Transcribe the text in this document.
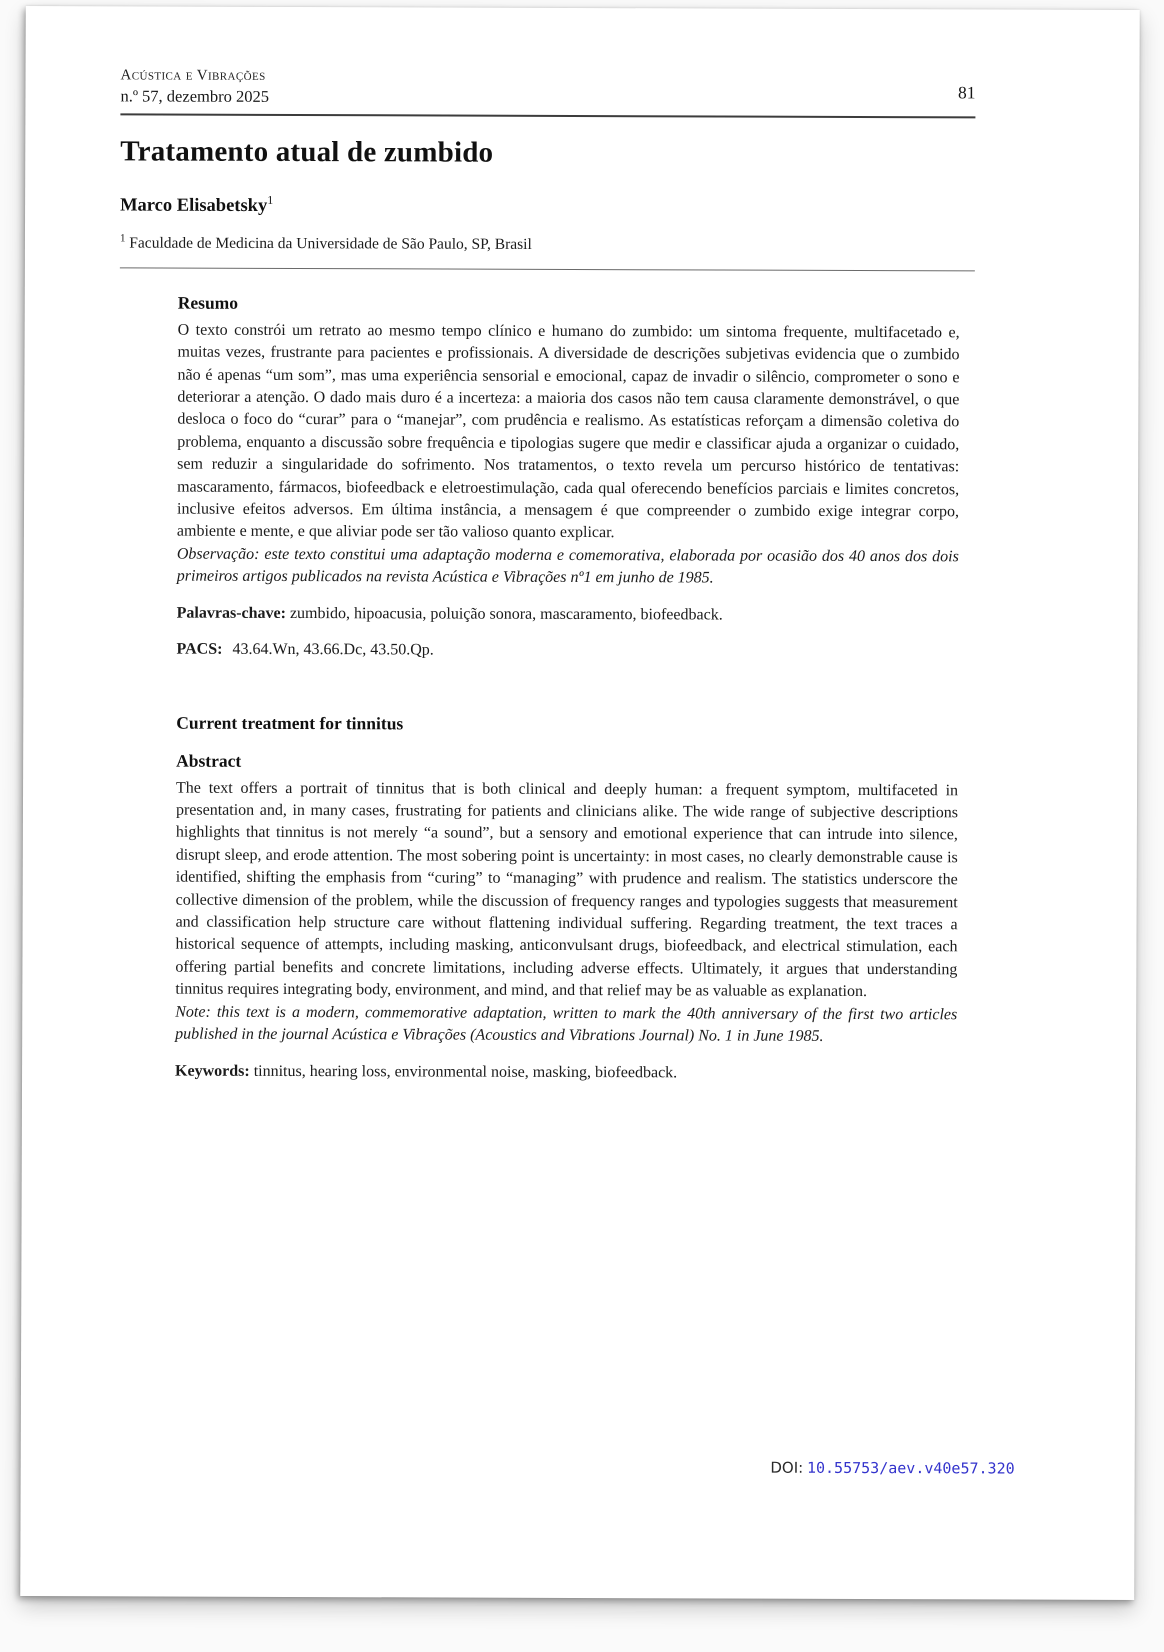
Acústica e Vibrações
n.º 57, dezembro 2025	81
Tratamento atual de zumbido
Marco Elisabetsky$^1$
$^1$ Faculdade de Medicina da Universidade de São Paulo, SP, Brasil
Resumo

O texto constrói um retrato ao mesmo tempo clínico e humano do zumbido: um sintoma frequente, multifacetado e, muitas vezes, frustrante para pacientes e profissionais. A diversidade de descrições subjetivas evidencia que o zumbido não é apenas “um som”, mas uma experiência sensorial e emocional, capaz de invadir o silêncio, comprometer o sono e deteriorar a atenção. O dado mais duro é a incerteza: a maioria dos casos não tem causa claramente demonstrável, o que desloca o foco do “curar” para o “manejar”, com prudência e realismo. As estatísticas reforçam a dimensão coletiva do problema, enquanto a discussão sobre frequência e tipologias sugere que medir e classificar ajuda a organizar o cuidado, sem reduzir a singularidade do sofrimento. Nos tratamentos, o texto revela um percurso histórico de tentativas: mascaramento, fármacos, biofeedback e eletroestimulação, cada qual oferecendo benefícios parciais e limites concretos, inclusive efeitos adversos. Em última instância, a mensagem é que compreender o zumbido exige integrar corpo, ambiente e mente, e que aliviar pode ser tão valioso quanto explicar.
Observação: este texto constitui uma adaptação moderna e comemorativa, elaborada por ocasião dos 40 anos dos dois primeiros artigos publicados na revista Acústica e Vibrações nº1 em junho de 1985.

Palavras-chave: zumbido, hipoacusia, poluição sonora, mascaramento, biofeedback.

PACS: 43.64.Wn, 43.66.Dc, 43.50.Qp.

Current treatment for tinnitus
Abstract

The text offers a portrait of tinnitus that is both clinical and deeply human: a frequent symptom, multifaceted in presentation and, in many cases, frustrating for patients and clinicians alike. The wide range of subjective descriptions highlights that tinnitus is not merely “a sound”, but a sensory and emotional experience that can intrude into silence, disrupt sleep, and erode attention. The most sobering point is uncertainty: in most cases, no clearly demonstrable cause is identified, shifting the emphasis from “curing” to “managing” with prudence and realism. The statistics underscore the collective dimension of the problem, while the discussion of frequency ranges and typologies suggests that measurement and classification help structure care without flattening individual suffering. Regarding treatment, the text traces a historical sequence of attempts, including masking, anticonvulsant drugs, biofeedback, and electrical stimulation, each offering partial benefits and concrete limitations, including adverse effects. Ultimately, it argues that understanding tinnitus requires integrating body, environment, and mind, and that relief may be as valuable as explanation.
Note: this text is a modern, commemorative adaptation, written to mark the 40th anniversary of the first two articles published in the journal Acústica e Vibrações (Acoustics and Vibrations Journal) No. 1 in June 1985.

Keywords: tinnitus, hearing loss, environmental noise, masking, biofeedback.

DOI: 10.55753/aev.v40e57.320
